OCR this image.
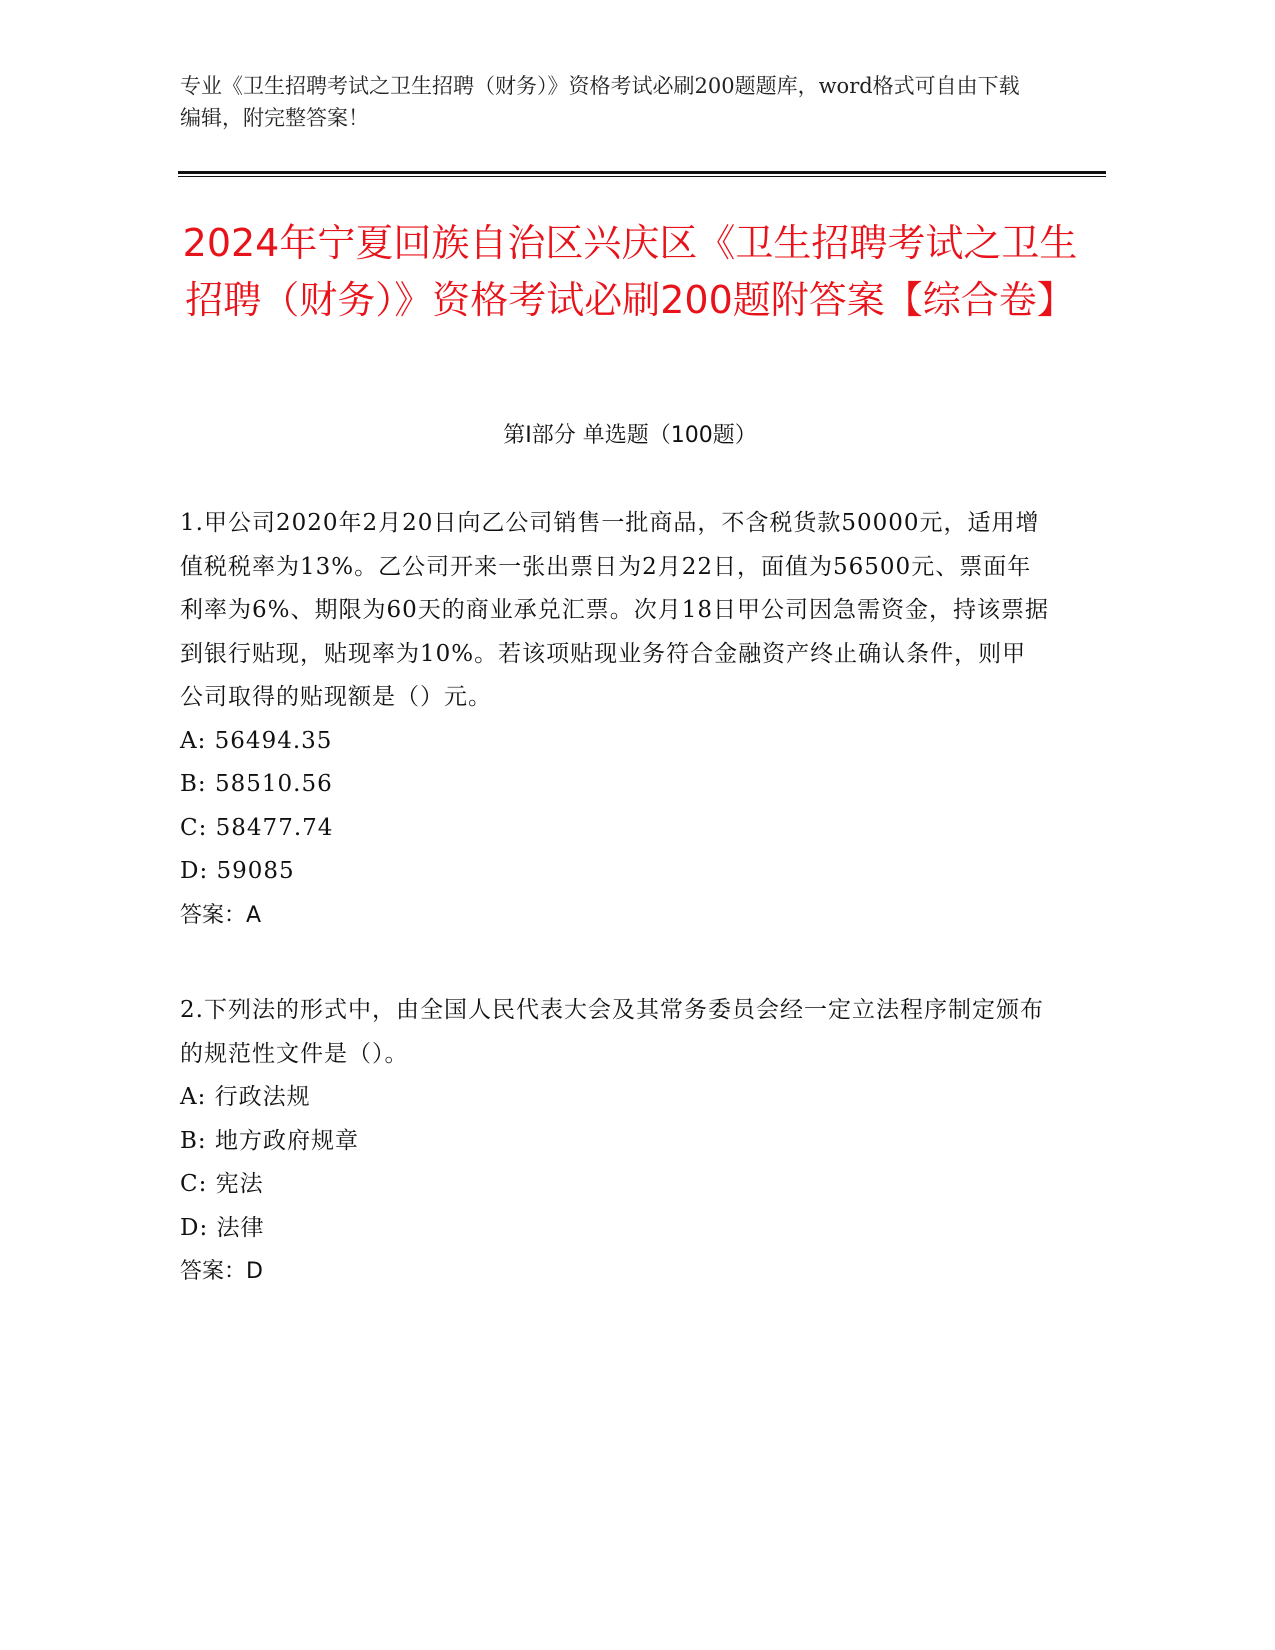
专业《卫生招聘考试之卫生招聘（财务）》资格考试必刷200题题库，word格式可自由下载编辑，附完整答案！
2024年宁夏回族自治区兴庆区《卫生招聘考试之卫生招聘（财务）》资格考试必刷200题附答案【综合卷】
第Ⅰ部分 单选题（100题）

1.甲公司2020年2月20日向乙公司销售一批商品，不含税货款50000元，适用增值税税率为13%。乙公司开来一张出票日为2月22日，面值为56500元、票面年利率为6%、期限为60天的商业承兑汇票。次月18日甲公司因急需资金，持该票据到银行贴现，贴现率为10%。若该项贴现业务符合金融资产终止确认条件，则甲公司取得的贴现额是（）元。

A: 56494.35

B: 58510.56

C: 58477.74

D: 59085

答案：A

2.下列法的形式中，由全国人民代表大会及其常务委员会经一定立法程序制定颁布的规范性文件是（）。

A: 行政法规

B: 地方政府规章

C: 宪法

D: 法律

答案：D
